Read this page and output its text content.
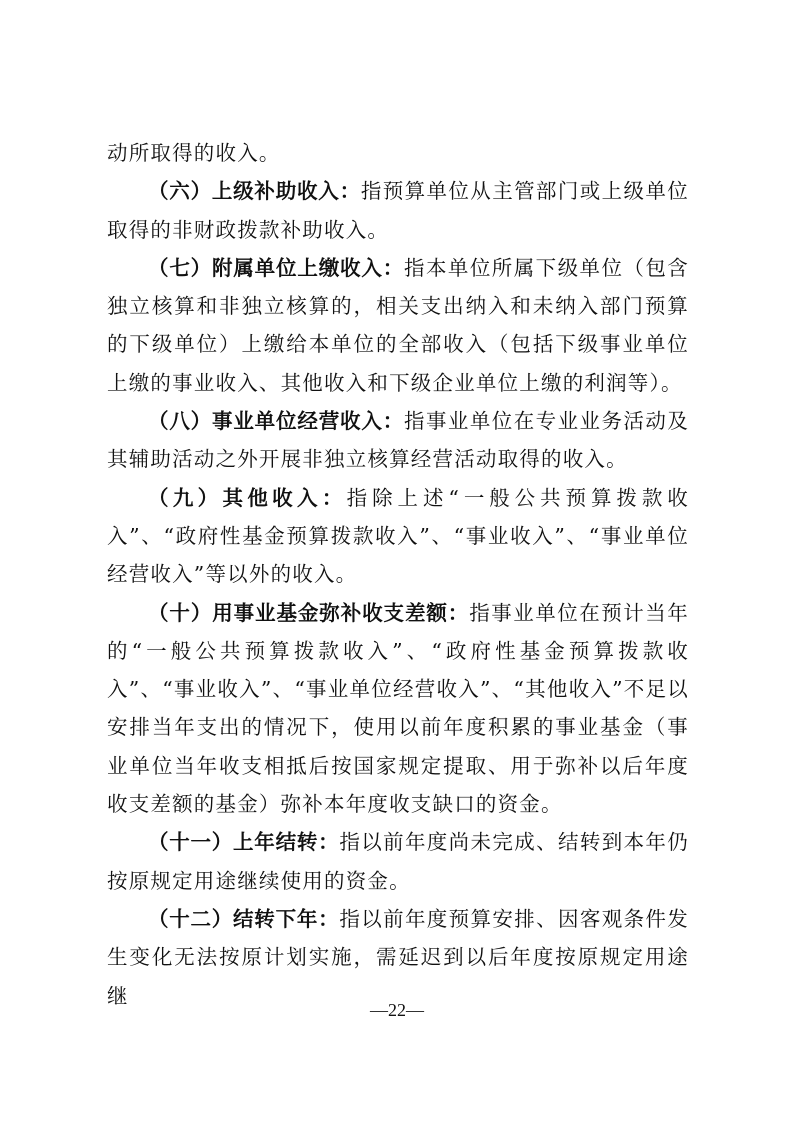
动所取得的收入。

（六）上级补助收入：指预算单位从主管部门或上级单位取得的非财政拨款补助收入。

（七）附属单位上缴收入：指本单位所属下级单位（包含独立核算和非独立核算的，相关支出纳入和未纳入部门预算的下级单位）上缴给本单位的全部收入（包括下级事业单位上缴的事业收入、其他收入和下级企业单位上缴的利润等）。

（八）事业单位经营收入：指事业单位在专业业务活动及其辅助活动之外开展非独立核算经营活动取得的收入。

（九）其他收入：指除上述“一般公共预算拨款收入”、“政府性基金预算拨款收入”、“事业收入”、“事业单位经营收入”等以外的收入。

（十）用事业基金弥补收支差额：指事业单位在预计当年的“一般公共预算拨款收入”、“政府性基金预算拨款收入”、“事业收入”、“事业单位经营收入”、“其他收入”不足以安排当年支出的情况下，使用以前年度积累的事业基金（事业单位当年收支相抵后按国家规定提取、用于弥补以后年度收支差额的基金）弥补本年度收支缺口的资金。

（十一）上年结转：指以前年度尚未完成、结转到本年仍按原规定用途继续使用的资金。

（十二）结转下年：指以前年度预算安排、因客观条件发生变化无法按原计划实施，需延迟到以后年度按原规定用途继

—22—
